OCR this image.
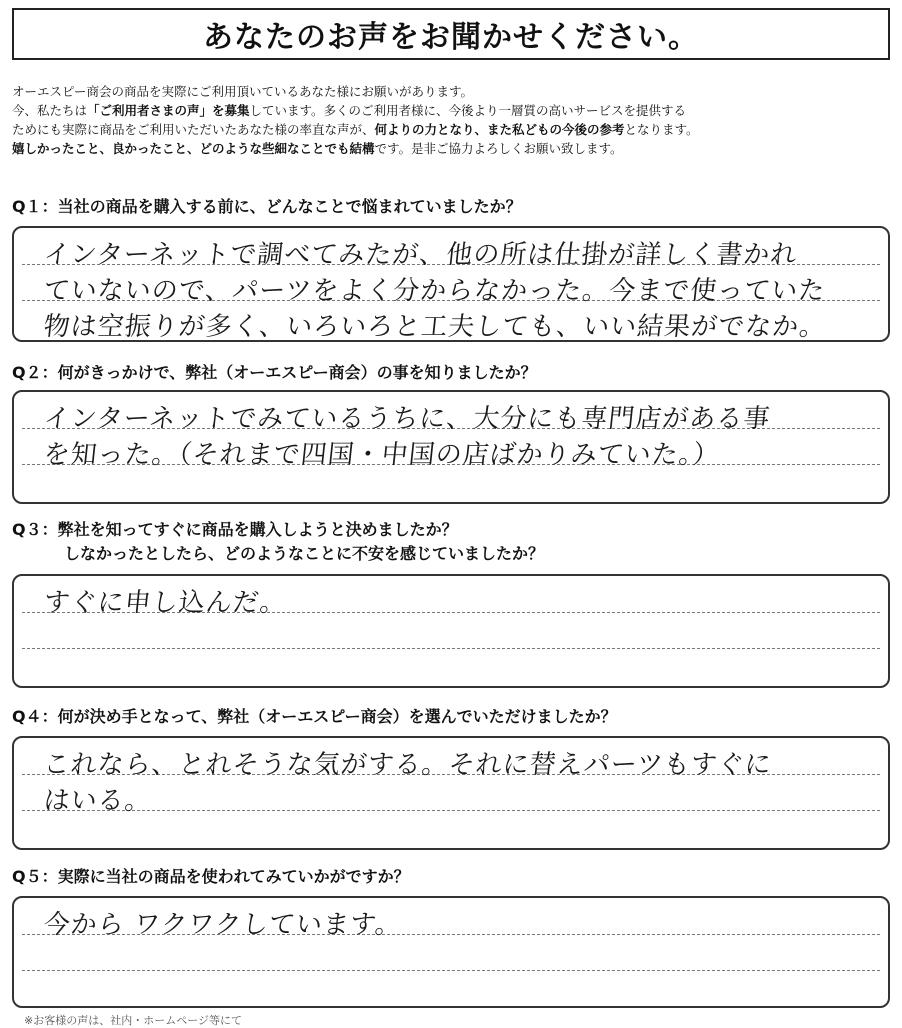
あなたのお声をお聞かせください。
オーエスピー商会の商品を実際にご利用頂いているあなた様にお願いがあります。
今、私たちは「ご利用者さまの声」を募集しています。多くのご利用者様に、今後より一層質の高いサービスを提供する
ためにも実際に商品をご利用いただいたあなた様の率直な声が、何よりの力となり、また私どもの今後の参考となります。
嬉しかったこと、良かったこと、どのような些細なことでも結構です。是非ご協力よろしくお願い致します。
Q１：当社の商品を購入する前に、どんなことで悩まれていましたか？
インターネットで調べてみたが、他の所は仕掛が詳しく書かれ
ていないので、パーツをよく分からなかった。今まで使っていた
物は空振りが多く、いろいろと工夫しても、いい結果がでなか。
Q２：何がきっかけで、弊社（オーエスピー商会）の事を知りましたか？
インターネットでみているうちに、大分にも専門店がある事
を知った。（それまで四国・中国の店ばかりみていた。）
Q３：弊社を知ってすぐに商品を購入しようと決めましたか？
しなかったとしたら、どのようなことに不安を感じていましたか？
すぐに申し込んだ。
Q４：何が決め手となって、弊社（オーエスピー商会）を選んでいただけましたか？
これなら、とれそうな気がする。それに替えパーツもすぐに
はいる。
Q５：実際に当社の商品を使われてみていかがですか？
今から ワクワクしています。
※お客様の声は、社内・ホームページ等にて
